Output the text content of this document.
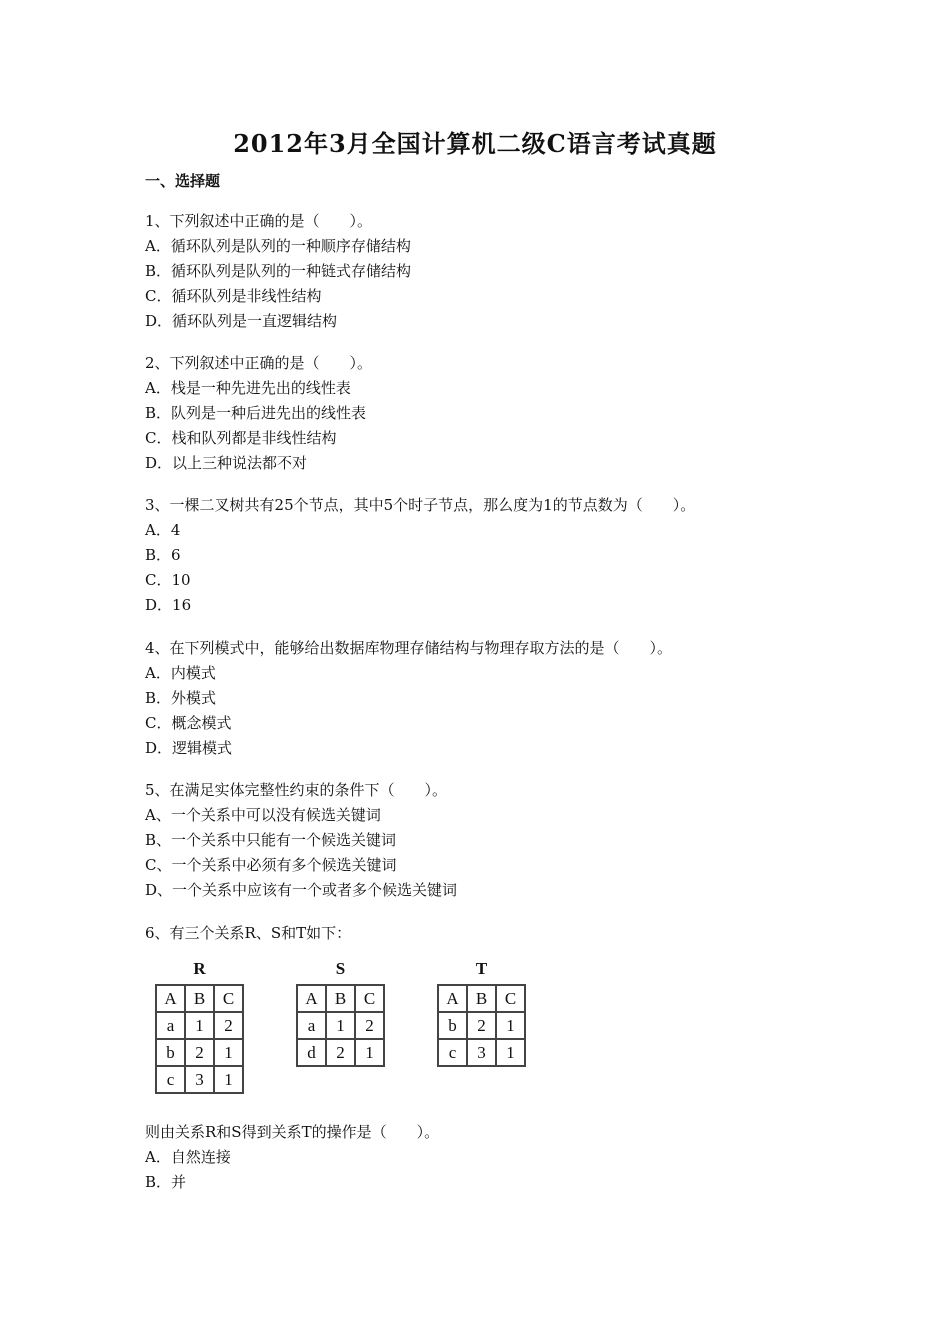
2012年3月全国计算机二级C语言考试真题
一、选择题
1、下列叙述中正确的是（　　）。
A．循环队列是队列的一种顺序存储结构
B．循环队列是队列的一种链式存储结构
C．循环队列是非线性结构
D．循环队列是一直逻辑结构
2、下列叙述中正确的是（　　）。
A．栈是一种先进先出的线性表
B．队列是一种后进先出的线性表
C．栈和队列都是非线性结构
D．以上三种说法都不对
3、一棵二叉树共有25个节点，其中5个时子节点，那么度为1的节点数为（　　）。
A．4
B．6
C．10
D．16
4、在下列模式中，能够给出数据库物理存储结构与物理存取方法的是（　　）。
A．内模式
B．外模式
C．概念模式
D．逻辑模式
5、在满足实体完整性约束的条件下（　　）。
A、一个关系中可以没有候选关键词
B、一个关系中只能有一个候选关键词
C、一个关系中必须有多个候选关键词
D、一个关系中应该有一个或者多个候选关键词
6、有三个关系R、S和T如下：
R
A	B	C
a	1	2
b	2	1
c	3	1
S
A	B	C
a	1	2
d	2	1
T
A	B	C
b	2	1
c	3	1
则由关系R和S得到关系T的操作是（　　）。
A．自然连接
B．并
